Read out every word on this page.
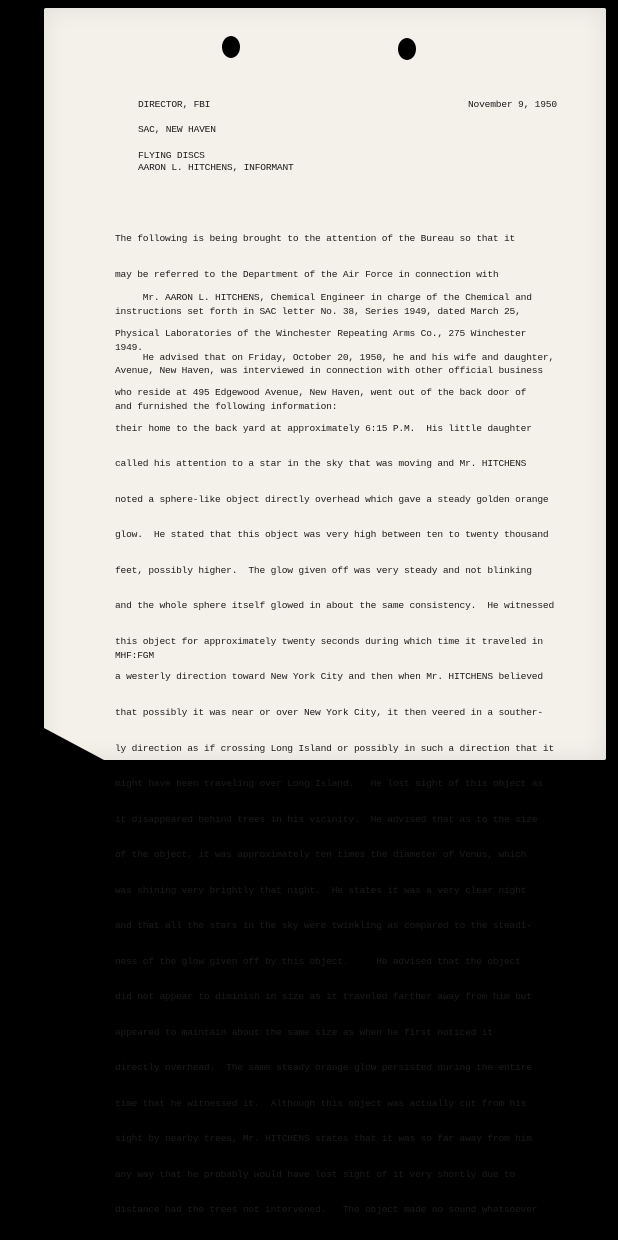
DIRECTOR, FBI	November 9, 1950

SAC, NEW HAVEN

FLYING DISCS

AARON L. HITCHENS, INFORMANT

The following is being brought to the attention of the Bureau so that it

may be referred to the Department of the Air Force in connection with

instructions set forth in SAC letter No. 38, Series 1949, dated March 25,

1949.

Mr. AARON L. HITCHENS, Chemical Engineer in charge of the Chemical and

Physical Laboratories of the Winchester Repeating Arms Co., 275 Winchester

Avenue, New Haven, was interviewed in connection with other official business

and furnished the following information:

He advised that on Friday, October 20, 1950, he and his wife and daughter,

who reside at 495 Edgewood Avenue, New Haven, went out of the back door of

their home to the back yard at approximately 6:15 P.M.  His little daughter

called his attention to a star in the sky that was moving and Mr. HITCHENS

noted a sphere-like object directly overhead which gave a steady golden orange

glow.  He stated that this object was very high between ten to twenty thousand

feet, possibly higher.  The glow given off was very steady and not blinking

and the whole sphere itself glowed in about the same consistency.  He witnessed

this object for approximately twenty seconds during which time it traveled in

a westerly direction toward New York City and then when Mr. HITCHENS believed

that possibly it was near or over New York City, it then veered in a souther-

ly direction as if crossing Long Island or possibly in such a direction that it

might have been traveling over Long Island.   He lost sight of this object as

it disappeared behind trees in his vicinity.  He advised that as to the size

of the object, it was approximately ten times the diameter of Venus, which

was shining very brightly that night.  He states it was a very clear night

and that all the stars in the sky were twinkling as compared to the steadi-

ness of the glow given off by this object.     He advised that the object

did not appear to diminish in size as it traveled farther away from him but

appeared to maintain about the same size as when he first noticed it

directly overhead.  The same steady orange glow persisted during the entire

time that he witnessed it.  Although this object was actually cut from his

sight by nearby trees, Mr. HITCHENS states that it was so far away from him

any way that he probably would have lost sight of it very shortly due to

distance had the trees not intervened.   The object made no sound whatsoever

MHF:FGM
